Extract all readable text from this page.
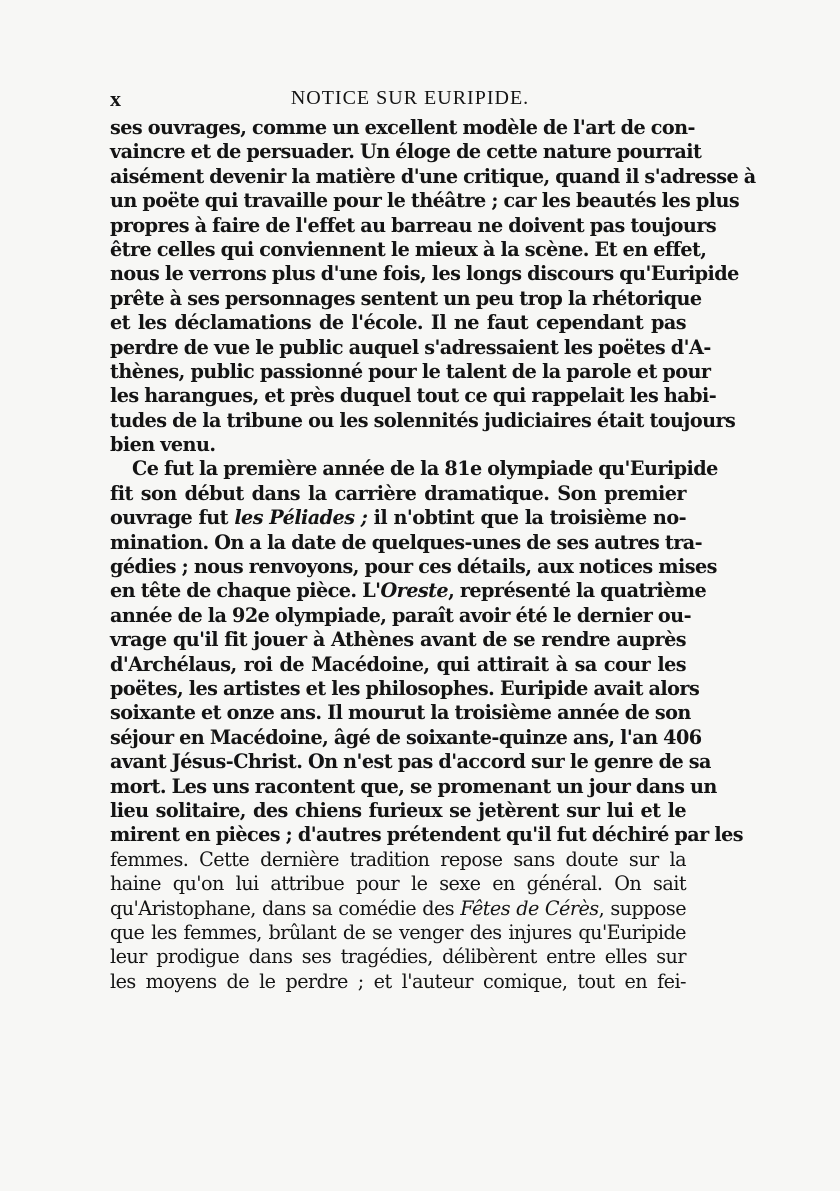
x	NOTICE SUR EURIPIDE.
ses ouvrages, comme un excellent modèle de l'art de con-
vaincre et de persuader. Un éloge de cette nature pourrait
aisément devenir la matière d'une critique, quand il s'adresse à
un poëte qui travaille pour le théâtre ; car les beautés les plus
propres à faire de l'effet au barreau ne doivent pas toujours
être celles qui conviennent le mieux à la scène. Et en effet,
nous le verrons plus d'une fois, les longs discours qu'Euripide
prête à ses personnages sentent un peu trop la rhétorique
et les déclamations de l'école. Il ne faut cependant pas
perdre de vue le public auquel s'adressaient les poëtes d'A-
thènes, public passionné pour le talent de la parole et pour
les harangues, et près duquel tout ce qui rappelait les habi-
tudes de la tribune ou les solennités judiciaires était toujours
bien venu.
Ce fut la première année de la 81e olympiade qu'Euripide
fit son début dans la carrière dramatique. Son premier
ouvrage fut les Péliades ; il n'obtint que la troisième no-
mination. On a la date de quelques-unes de ses autres tra-
gédies ; nous renvoyons, pour ces détails, aux notices mises
en tête de chaque pièce. L'Oreste, représenté la quatrième
année de la 92e olympiade, paraît avoir été le dernier ou-
vrage qu'il fit jouer à Athènes avant de se rendre auprès
d'Archélaus, roi de Macédoine, qui attirait à sa cour les
poëtes, les artistes et les philosophes. Euripide avait alors
soixante et onze ans. Il mourut la troisième année de son
séjour en Macédoine, âgé de soixante-quinze ans, l'an 406
avant Jésus-Christ. On n'est pas d'accord sur le genre de sa
mort. Les uns racontent que, se promenant un jour dans un
lieu solitaire, des chiens furieux se jetèrent sur lui et le
mirent en pièces ; d'autres prétendent qu'il fut déchiré par les
femmes. Cette dernière tradition repose sans doute sur la
haine qu'on lui attribue pour le sexe en général. On sait
qu'Aristophane, dans sa comédie des Fêtes de Cérès, suppose
que les femmes, brûlant de se venger des injures qu'Euripide
leur prodigue dans ses tragédies, délibèrent entre elles sur
les moyens de le perdre ; et l'auteur comique, tout en fei-
